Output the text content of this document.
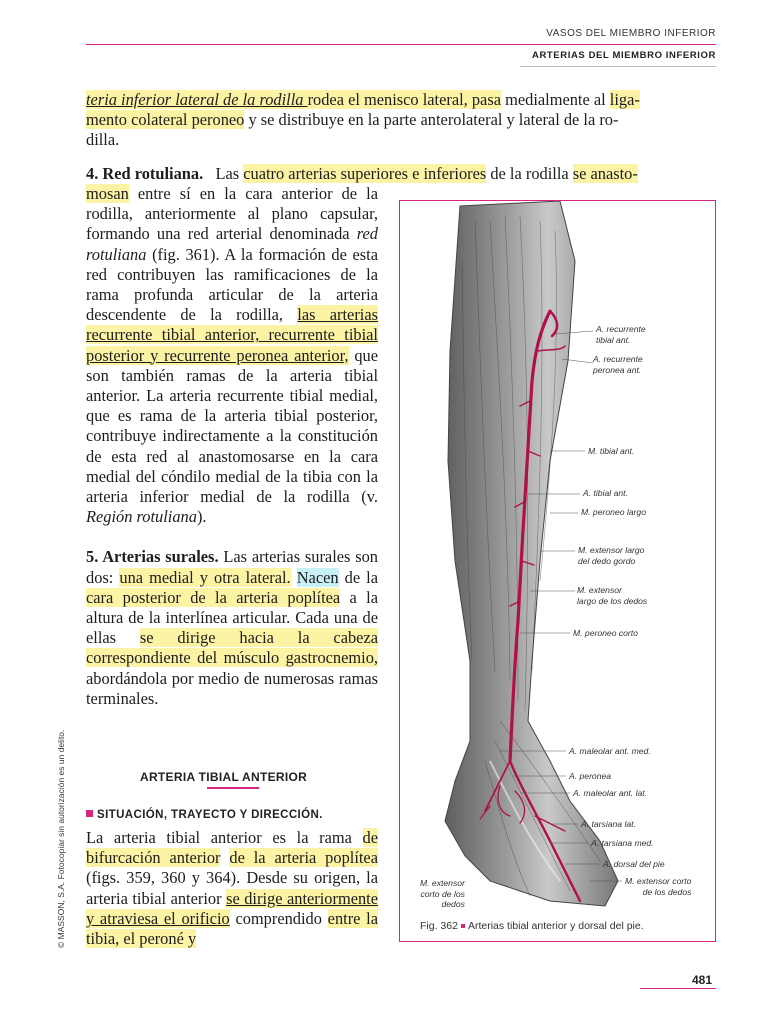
VASOS DEL MIEMBRO INFERIOR
ARTERIAS DEL MIEMBRO INFERIOR
teria inferior lateral de la rodilla rodea el menisco lateral, pasa medialmente al liga-
mento colateral peroneo y se distribuye en la parte anterolateral y lateral de la ro-
dilla.
4. Red rotuliana. Las cuatro arterias superiores e inferiores de la rodilla se anasto-
mosan entre sí en la cara anterior de la rodilla, anteriormente al plano capsular, formando una red arterial denominada red rotuliana (fig. 361). A la formación de esta red contribuyen las ramificaciones de la rama profunda articular de la arteria descendente de la rodilla, las arterias recurrente tibial anterior, recurrente tibial posterior y recurrente peronea anterior, que son también ramas de la arteria tibial anterior. La arteria recurrente tibial medial, que es rama de la arteria tibial posterior, contribuye indirectamente a la constitución de esta red al anastomosarse en la cara medial del cóndilo medial de la tibia con la arteria inferior medial de la rodilla (v. Región rotuliana).
5. Arterias surales. Las arterias surales son dos: una medial y otra lateral. Nacen de la cara posterior de la arteria poplítea a la altura de la interlínea articular. Cada una de ellas se dirige hacia la cabeza correspondiente del músculo gastrocnemio, abordándola por medio de numerosas ramas terminales.
ARTERIA TIBIAL ANTERIOR
SITUACIÓN, TRAYECTO Y DIRECCIÓN.
La arteria tibial anterior es la rama de bifurcación anterior de la arteria poplítea (figs. 359, 360 y 364). Desde su origen, la arteria tibial anterior se dirige anteriormente y atraviesa el orificio comprendido entre la tibia, el peroné y
© MASSON, S.A. Fotocopiar sin autorización es un delito.
A. recurrente
tibial ant.
A. recurrente
peronea ant.
M. tibial ant.
A. tibial ant.
M. peroneo largo
M. extensor largo
del dedo gordo
M. extensor
largo de los dedos
M. peroneo corto
A. maleolar ant. med.
A. peronea
A. maleolar ant. lat.
A. tarsiana lat.
A. tarsiana med.
A. dorsal del pie
M. extensor corto
de los dedos
M. extensor
corto de los
dedos
Fig. 362 Arterias tibial anterior y dorsal del pie.
481
